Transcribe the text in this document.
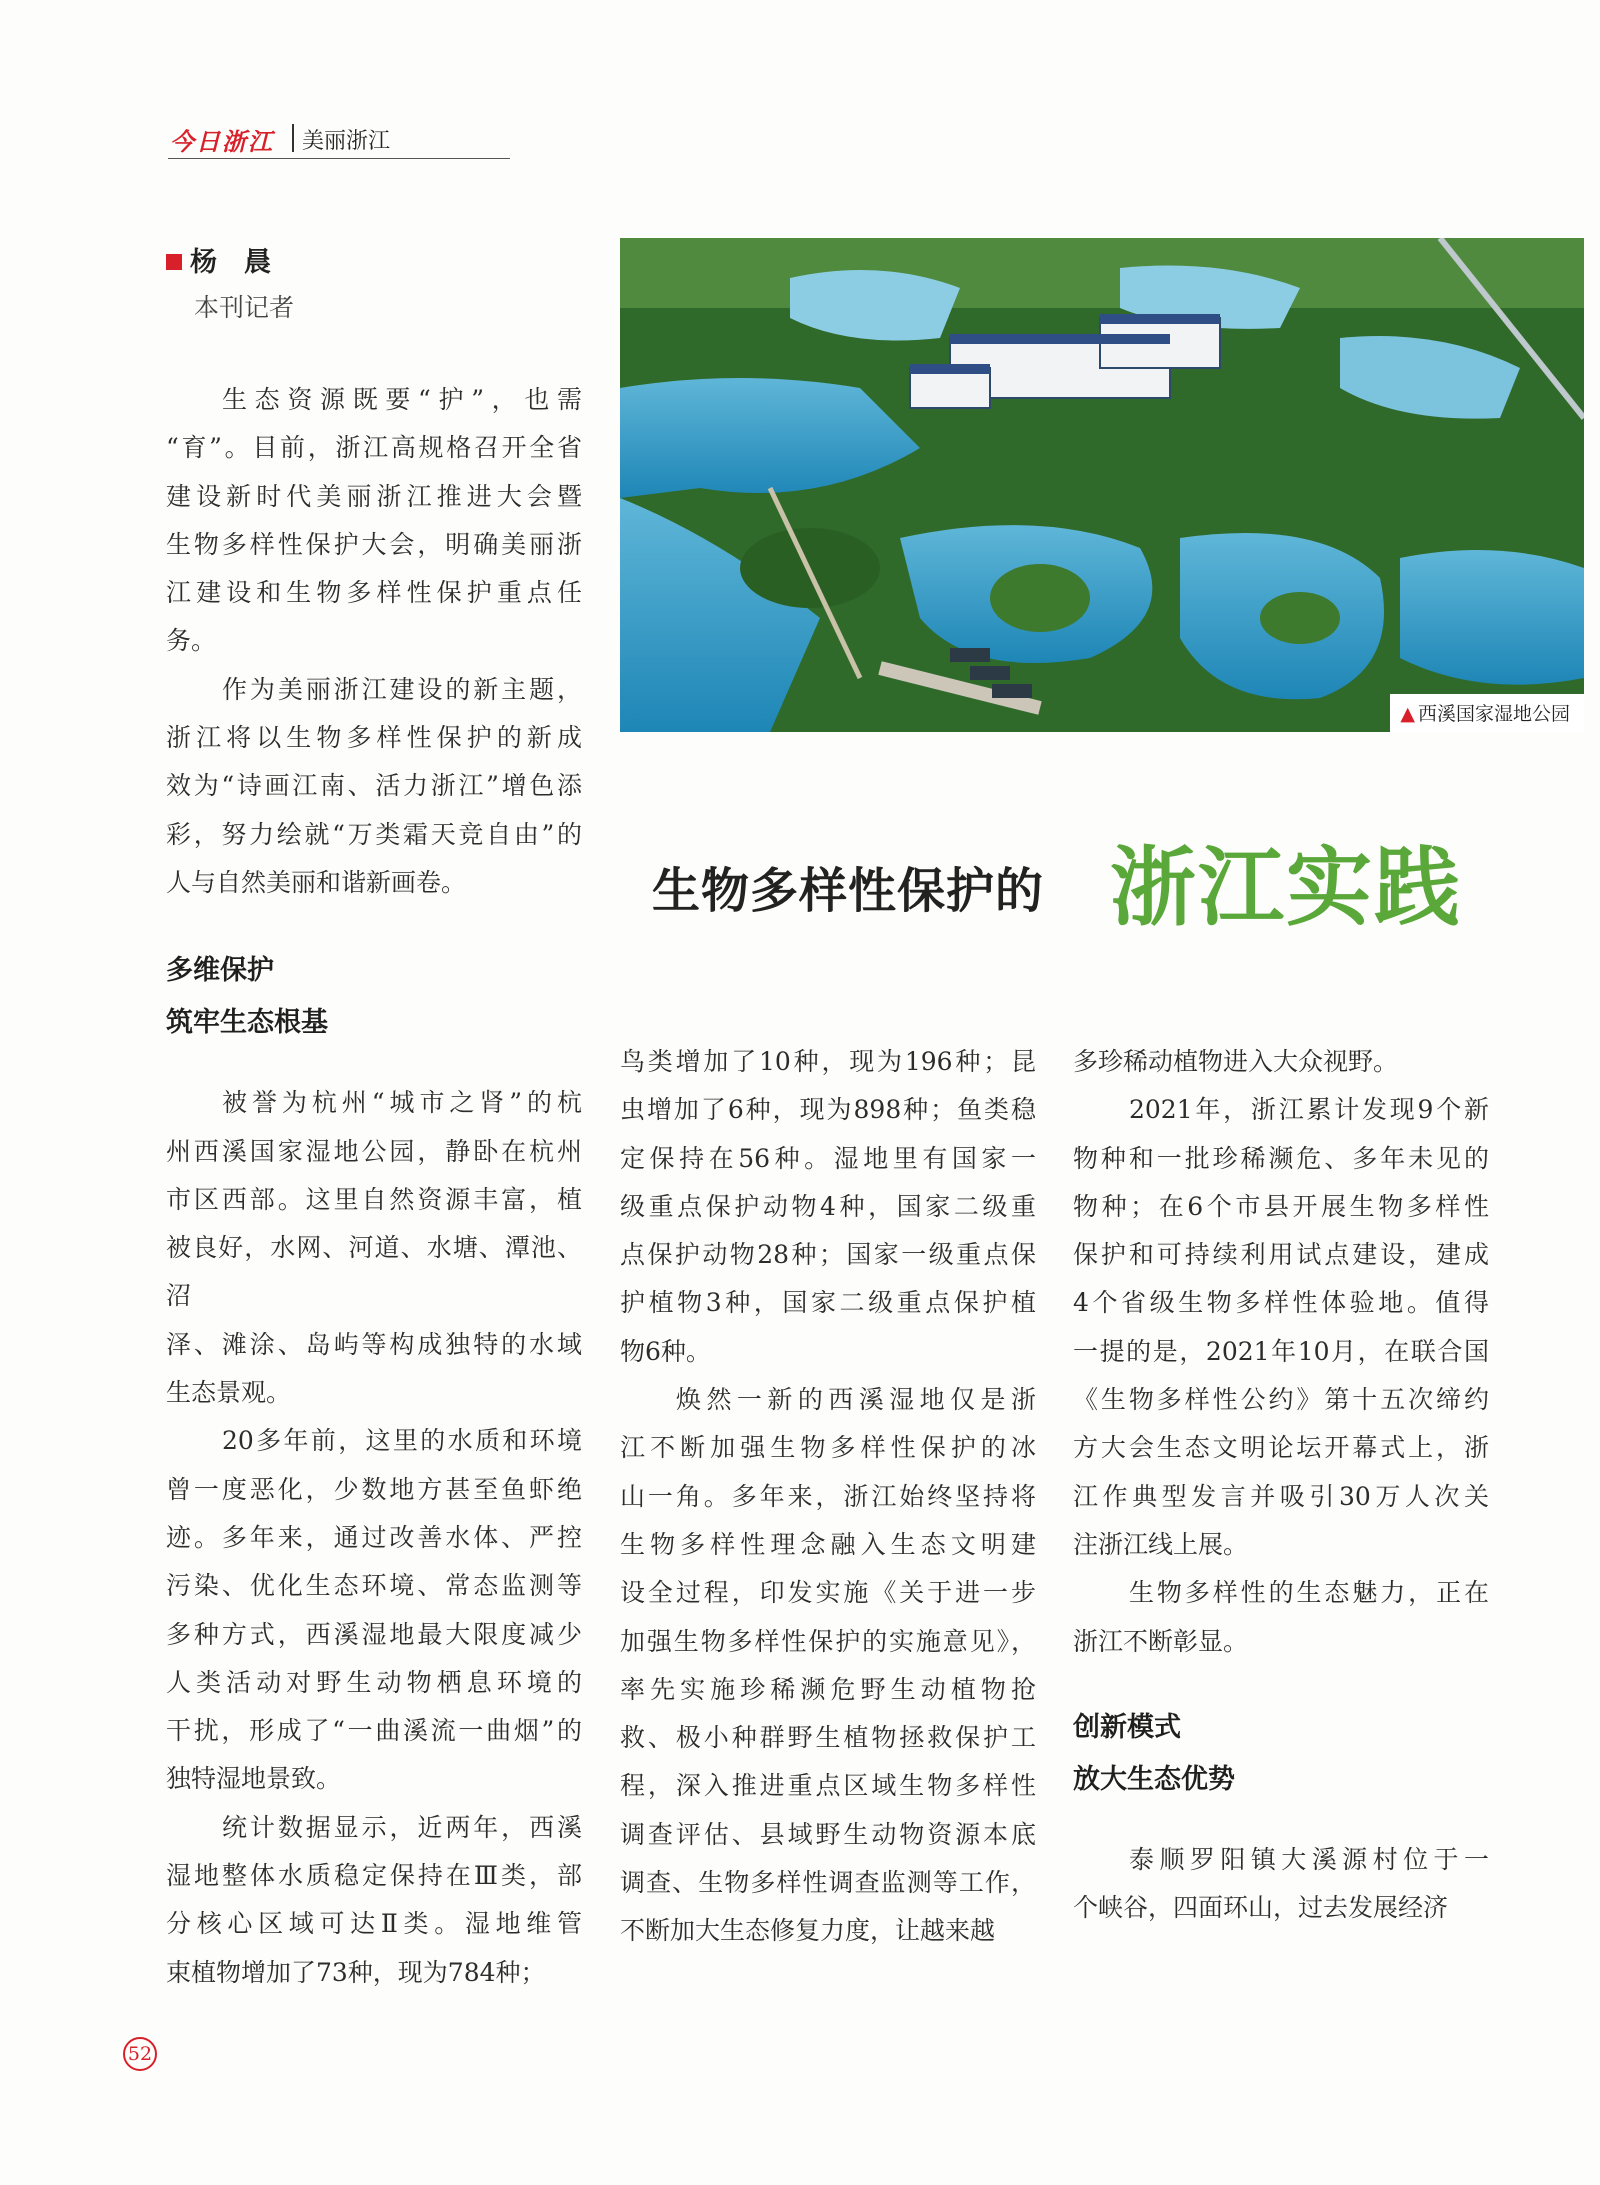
今日浙江 美丽浙江
杨　晨
本刊记者
▲ 西溪国家湿地公园
生物多样性保护的 浙江实践

生态资源既要“护”，也需
“育”。目前，浙江高规格召开全省
建设新时代美丽浙江推进大会暨
生物多样性保护大会，明确美丽浙
江建设和生物多样性保护重点任
务。

作为美丽浙江建设的新主题，
浙江将以生物多样性保护的新成
效为“诗画江南、活力浙江”增色添
彩，努力绘就“万类霜天竞自由”的
人与自然美丽和谐新画卷。

多维保护
筑牢生态根基

被誉为杭州“城市之肾”的杭
州西溪国家湿地公园，静卧在杭州
市区西部。这里自然资源丰富，植
被良好，水网、河道、水塘、潭池、沼
泽、滩涂、岛屿等构成独特的水域
生态景观。

20多年前，这里的水质和环境
曾一度恶化，少数地方甚至鱼虾绝
迹。多年来，通过改善水体、严控
污染、优化生态环境、常态监测等
多种方式，西溪湿地最大限度减少
人类活动对野生动物栖息环境的
干扰，形成了“一曲溪流一曲烟”的
独特湿地景致。

统计数据显示，近两年，西溪
湿地整体水质稳定保持在Ⅲ类，部
分核心区域可达Ⅱ类。湿地维管
束植物增加了73种，现为784种；

鸟类增加了10种，现为196种；昆
虫增加了6种，现为898种；鱼类稳
定保持在56种。湿地里有国家一
级重点保护动物4种，国家二级重
点保护动物28种；国家一级重点保
护植物3种，国家二级重点保护植
物6种。

焕然一新的西溪湿地仅是浙
江不断加强生物多样性保护的冰
山一角。多年来，浙江始终坚持将
生物多样性理念融入生态文明建
设全过程，印发实施《关于进一步
加强生物多样性保护的实施意见》，
率先实施珍稀濒危野生动植物抢
救、极小种群野生植物拯救保护工
程，深入推进重点区域生物多样性
调查评估、县域野生动物资源本底
调查、生物多样性调查监测等工作，
不断加大生态修复力度，让越来越

多珍稀动植物进入大众视野。

2021年，浙江累计发现9个新
物种和一批珍稀濒危、多年未见的
物种；在6个市县开展生物多样性
保护和可持续利用试点建设，建成
4个省级生物多样性体验地。值得
一提的是，2021年10月，在联合国
《生物多样性公约》第十五次缔约
方大会生态文明论坛开幕式上，浙
江作典型发言并吸引30万人次关
注浙江线上展。

生物多样性的生态魅力，正在
浙江不断彰显。

创新模式
放大生态优势

泰顺罗阳镇大溪源村位于一
个峡谷，四面环山，过去发展经济

52
